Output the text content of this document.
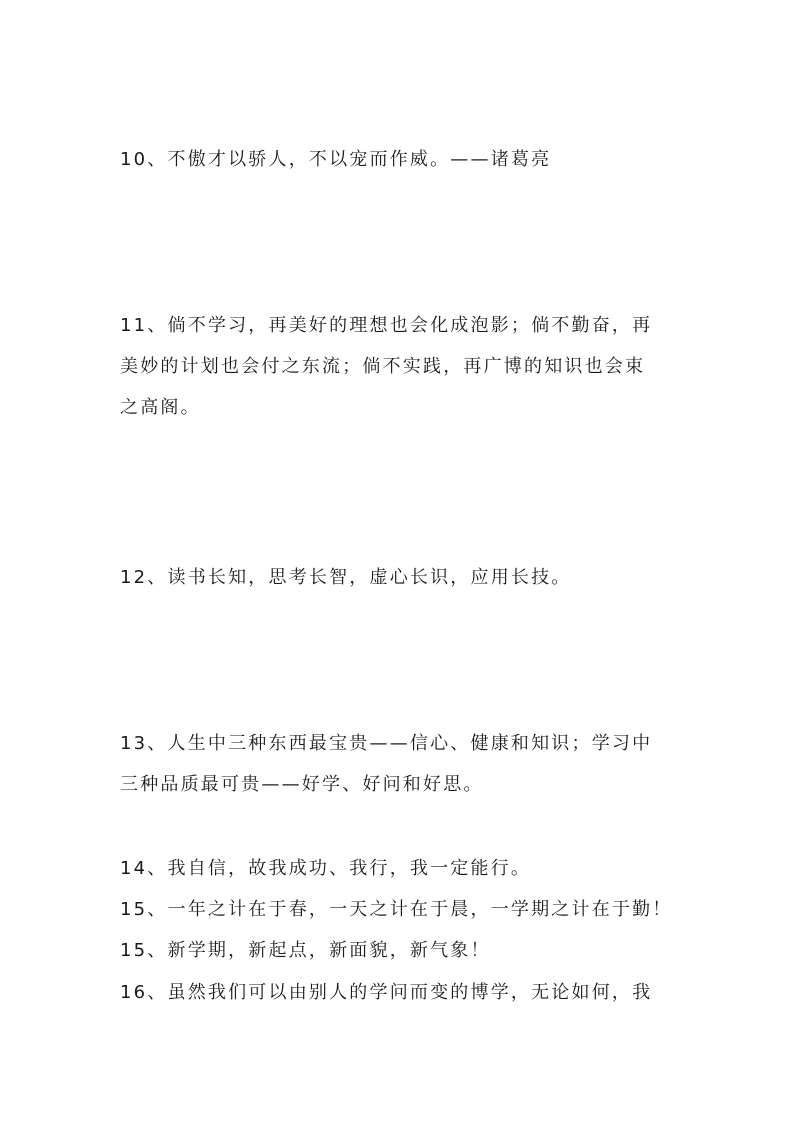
10、不傲才以骄人，不以宠而作威。——诸葛亮

11、倘不学习，再美好的理想也会化成泡影；倘不勤奋，再
美妙的计划也会付之东流；倘不实践，再广博的知识也会束
之高阁。

12、读书长知，思考长智，虚心长识，应用长技。

13、人生中三种东西最宝贵——信心、健康和知识；学习中
三种品质最可贵——好学、好问和好思。

14、我自信，故我成功、我行，我一定能行。

15、一年之计在于春，一天之计在于晨，一学期之计在于勤！

15、新学期，新起点，新面貌，新气象！

16、虽然我们可以由别人的学问而变的博学，无论如何，我
